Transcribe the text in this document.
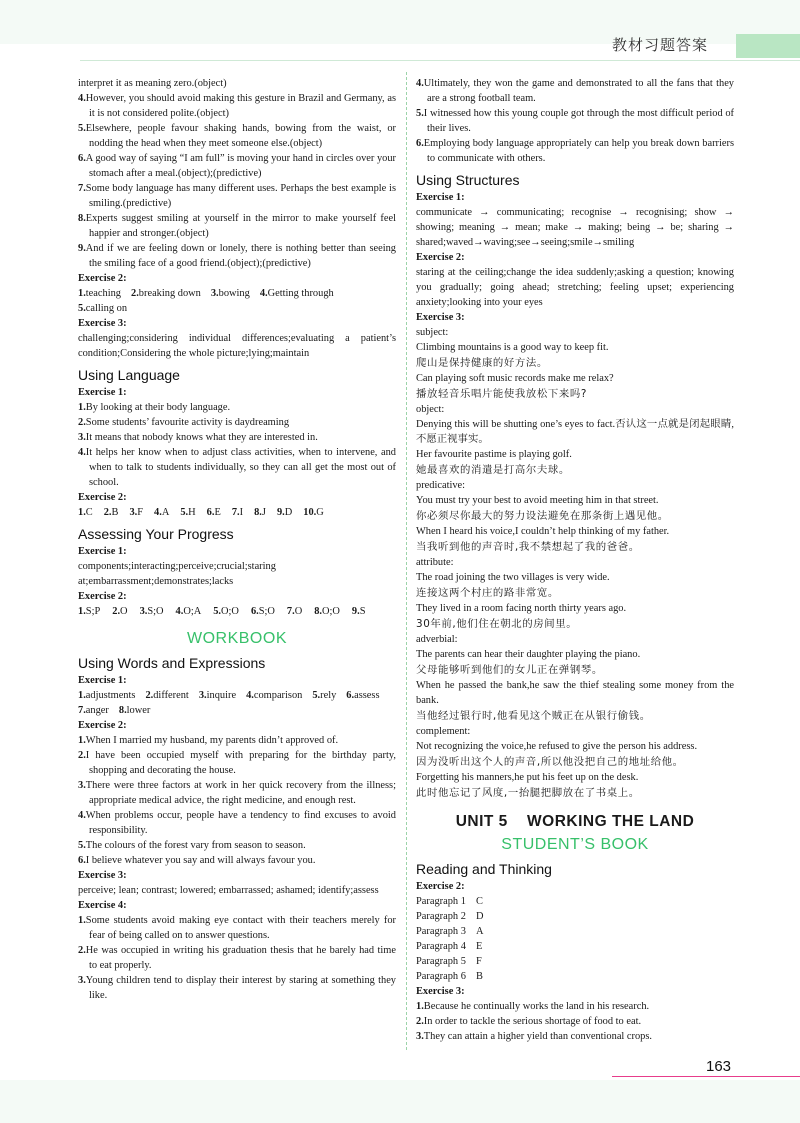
教材习题答案
interpret it as meaning zero.(object)
4.However, you should avoid making this gesture in Brazil and Germany, as it is not considered polite.(object)
5.Elsewhere, people favour shaking hands, bowing from the waist, or nodding the head when they meet someone else.(object)
6.A good way of saying “I am full” is moving your hand in circles over your stomach after a meal.(object);(predictive)
7.Some body language has many different uses. Perhaps the best example is smiling.(predictive)
8.Experts suggest smiling at yourself in the mirror to make yourself feel happier and stronger.(object)
9.And if we are feeling down or lonely, there is nothing better than seeing the smiling face of a good friend.(object);(predictive)
Exercise 2:
1.teaching 2.breaking down 3.bowing 4.Getting through
5.calling on
Exercise 3:
challenging;considering individual differences;evaluating a patient’s condition;Considering the whole picture;lying;maintain
Using Language
Exercise 1:
1.By looking at their body language.
2.Some students’ favourite activity is daydreaming
3.It means that nobody knows what they are interested in.
4.It helps her know when to adjust class activities, when to intervene, and when to talk to students individually, so they can all get the most out of school.
Exercise 2:
1.C 2.B 3.F 4.A 5.H 6.E 7.I 8.J 9.D 10.G
Assessing Your Progress
Exercise 1:
components;interacting;perceive;crucial;staring at;embarrassment;demonstrates;lacks
Exercise 2:
1.S;P 2.O 3.S;O 4.O;A 5.O;O 6.S;O 7.O 8.O;O 9.S
WORKBOOK
Using Words and Expressions
Exercise 1:
1.adjustments 2.different 3.inquire 4.comparison 5.rely 6.assess
7.anger 8.lower
Exercise 2:
1.When I married my husband, my parents didn’t approved of.
2.I have been occupied myself with preparing for the birthday party, shopping and decorating the house.
3.There were three factors at work in her quick recovery from the illness; appropriate medical advice, the right medicine, and enough rest.
4.When problems occur, people have a tendency to find excuses to avoid responsibility.
5.The colours of the forest vary from season to season.
6.I believe whatever you say and will always favour you.
Exercise 3:
perceive; lean; contrast; lowered; embarrassed; ashamed; identify;assess
Exercise 4:
1.Some students avoid making eye contact with their teachers merely for fear of being called on to answer questions.
2.He was occupied in writing his graduation thesis that he barely had time to eat properly.
3.Young children tend to display their interest by staring at something they like.
4.Ultimately, they won the game and demonstrated to all the fans that they are a strong football team.
5.I witnessed how this young couple got through the most difficult period of their lives.
6.Employing body language appropriately can help you break down barriers to communicate with others.
Using Structures
Exercise 1:
communicate → communicating; recognise → recognising; show → showing; meaning → mean; make → making; being → be; sharing → shared;waved→waving;see→seeing;smile→smiling
Exercise 2:
staring at the ceiling;change the idea suddenly;asking a question; knowing you gradually; going ahead; stretching; feeling upset; experiencing anxiety;looking into your eyes
Exercise 3:
subject:
Climbing mountains is a good way to keep fit.
爬山是保持健康的好方法。
Can playing soft music records make me relax?
播放轻音乐唱片能使我放松下来吗?
object:
Denying this will be shutting one’s eyes to fact.否认这一点就是闭起眼睛,不愿正视事实。
Her favourite pastime is playing golf.
她最喜欢的消遣是打高尔夫球。
predicative:
You must try your best to avoid meeting him in that street.
你必须尽你最大的努力设法避免在那条街上遇见他。
When I heard his voice,I couldn’t help thinking of my father.
当我听到他的声音时,我不禁想起了我的爸爸。
attribute:
The road joining the two villages is very wide.
连接这两个村庄的路非常宽。
They lived in a room facing north thirty years ago.
30年前,他们住在朝北的房间里。
adverbial:
The parents can hear their daughter playing the piano.
父母能够听到他们的女儿正在弹钢琴。
When he passed the bank,he saw the thief stealing some money from the bank.
当他经过银行时,他看见这个贼正在从银行偷钱。
complement:
Not recognizing the voice,he refused to give the person his address.
因为没听出这个人的声音,所以他没把自己的地址给他。
Forgetting his manners,he put his feet up on the desk.
此时他忘记了风度,一抬腿把脚放在了书桌上。
UNIT 5    WORKING THE LAND
STUDENT’S BOOK
Reading and Thinking
Exercise 2:
Paragraph 1 C
Paragraph 2 D
Paragraph 3 A
Paragraph 4 E
Paragraph 5 F
Paragraph 6 B
Exercise 3:
1.Because he continually works the land in his research.
2.In order to tackle the serious shortage of food to eat.
3.They can attain a higher yield than conventional crops.
163
